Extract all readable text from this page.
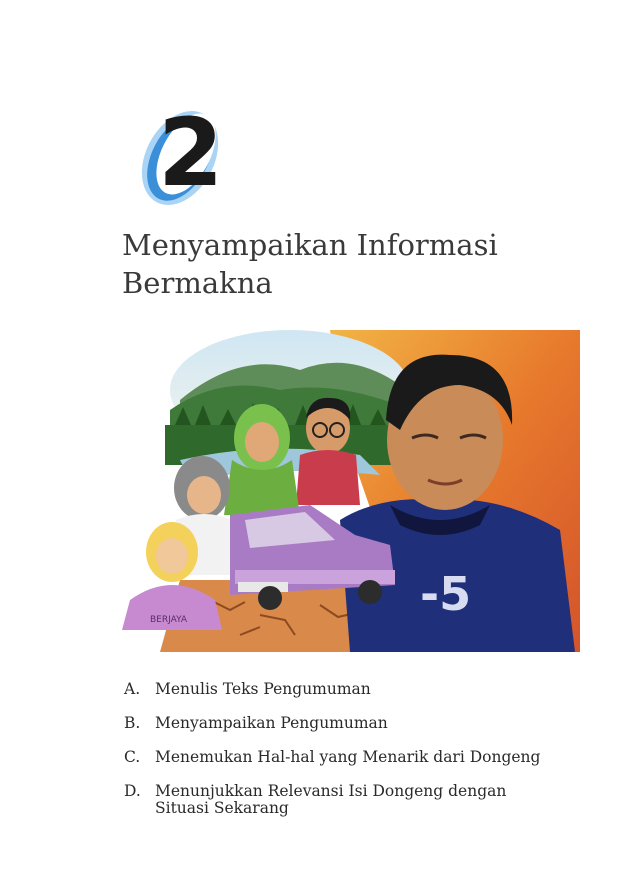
2
Menyampaikan Informasi
Bermakna
-5
BERJAYA
A. Menulis Teks Pengumuman
B. Menyampaikan Pengumuman
C. Menemukan Hal-hal yang Menarik dari Dongeng
D. Menunjukkan Relevansi Isi Dongeng dengan Situasi Sekarang
